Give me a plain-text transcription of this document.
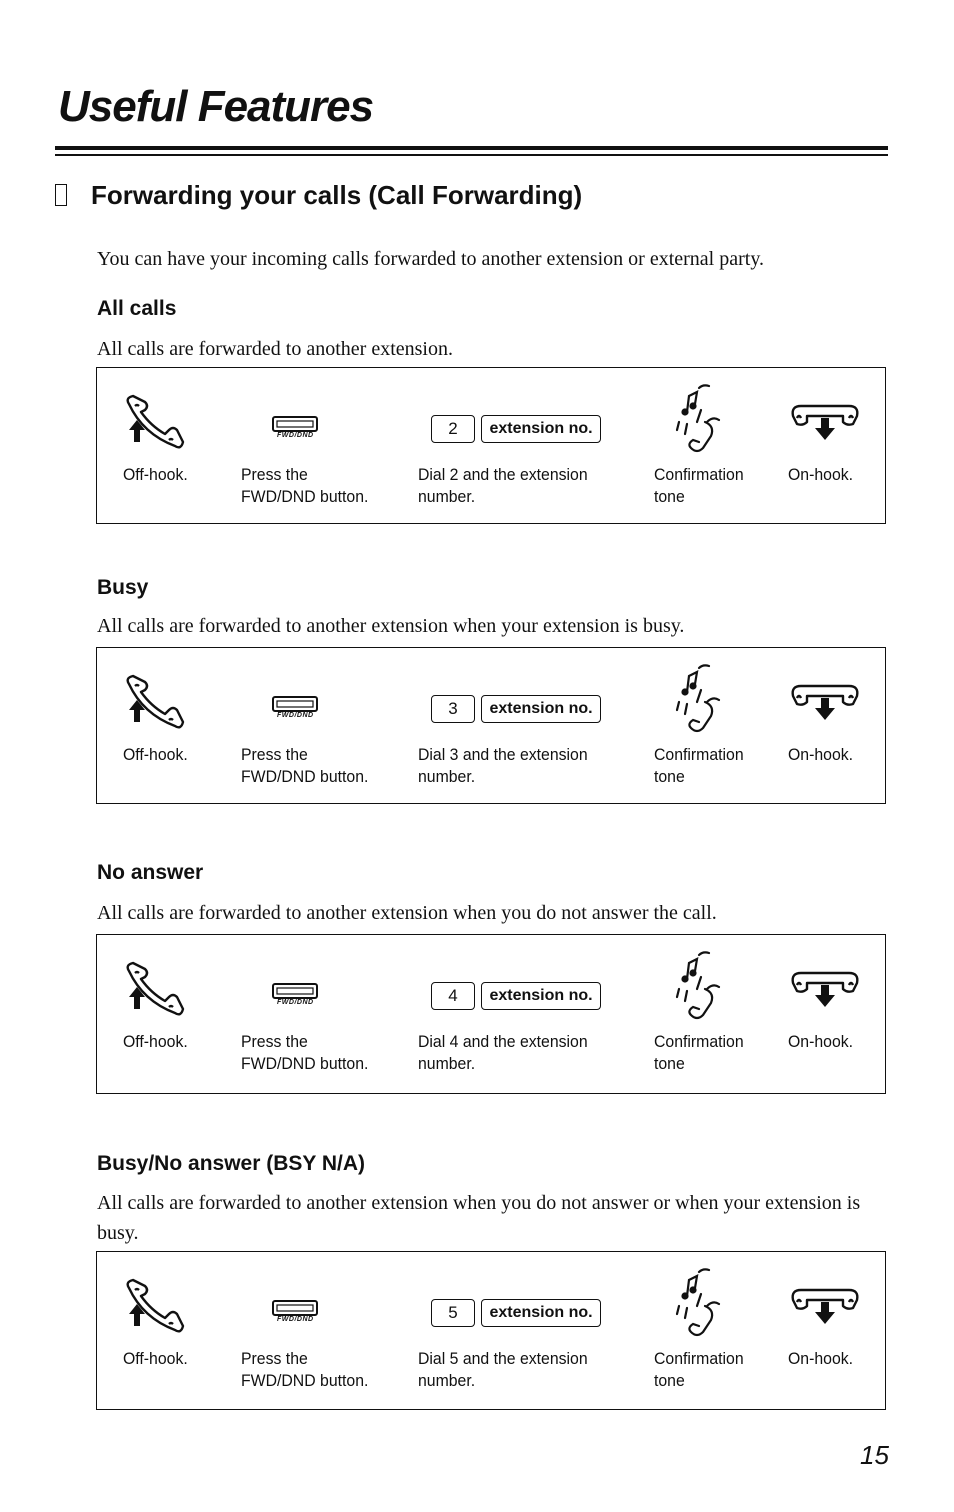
Useful Features
Forwarding your calls (Call Forwarding)
You can have your incoming calls forwarded to another extension or external party.
All calls
All calls are forwarded to another extension.
Off-hook.
FWD/DND
Press the
FWD/DND button.
2	extension no.
Dial 2 and the extension
number.
Confirmation
tone
On-hook.
Busy
All calls are forwarded to another extension when your extension is busy.
Off-hook.
FWD/DND
Press the
FWD/DND button.
3	extension no.
Dial 3 and the extension
number.
Confirmation
tone
On-hook.
No answer
All calls are forwarded to another extension when you do not answer the call.
Off-hook.
FWD/DND
Press the
FWD/DND button.
4	extension no.
Dial 4 and the extension
number.
Confirmation
tone
On-hook.
Busy/No answer (BSY N/A)
All calls are forwarded to another extension when you do not answer or when your extension is busy.
Off-hook.
FWD/DND
Press the
FWD/DND button.
5	extension no.
Dial 5 and the extension
number.
Confirmation
tone
On-hook.
15
